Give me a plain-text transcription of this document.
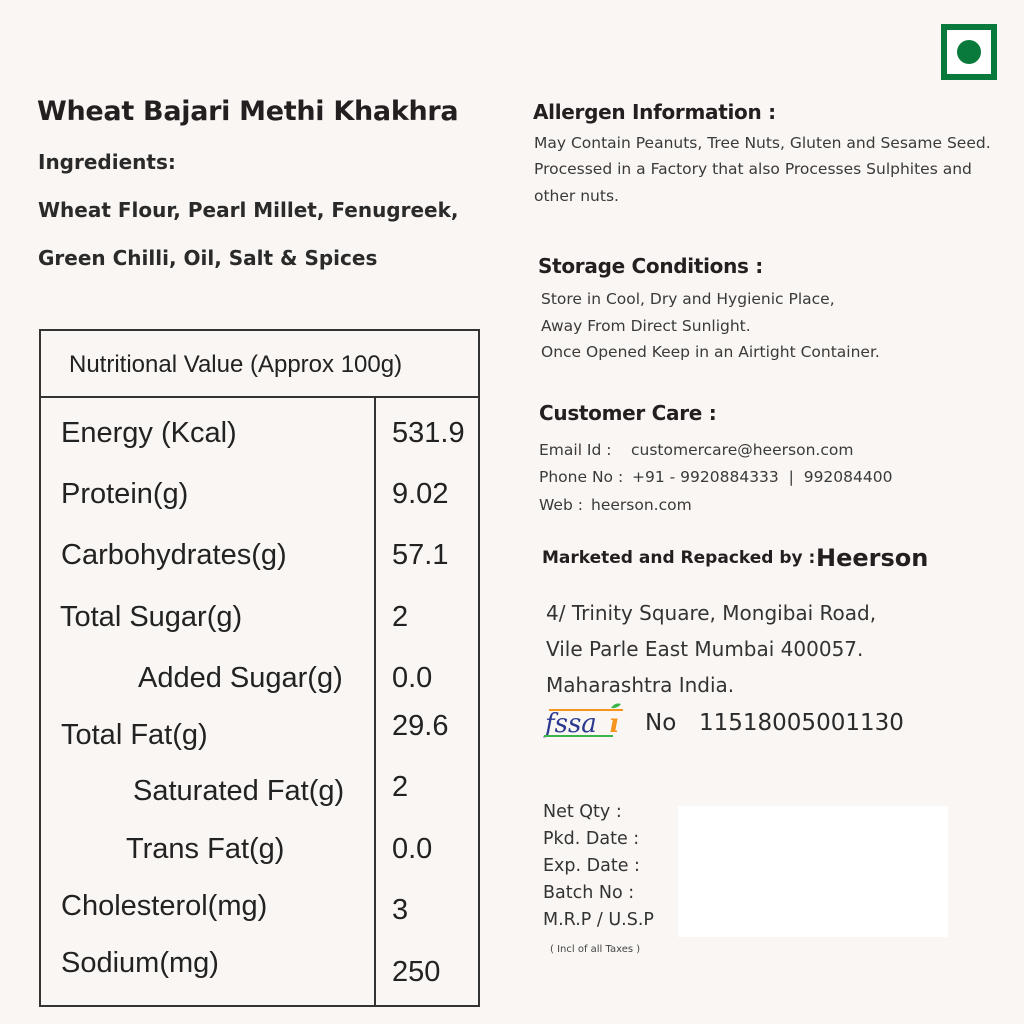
Wheat Bajari Methi Khakhra
Ingredients:
Wheat Flour, Pearl Millet, Fenugreek,
Green Chilli, Oil, Salt & Spices
Nutritional Value (Approx 100g)
Energy (Kcal)	531.9
Protein(g)	9.02
Carbohydrates(g)	57.1
Total Sugar(g)	2
Added Sugar(g) 0.0
Total Fat(g)	29.6
Saturated Fat(g) 2
Trans Fat(g)	0.0
Cholesterol(mg)	3
Sodium(mg)	250
Allergen Information :
May Contain Peanuts, Tree Nuts, Gluten and Sesame Seed.
Processed in a Factory that also Processes Sulphites and
other nuts.
Storage Conditions :
Store in Cool, Dry and Hygienic Place,
Away From Direct Sunlight.
Once Opened Keep in an Airtight Container.
Customer Care :
Email Id : customercare@heerson.com
Phone No : +91 - 9920884333  |  992084400
Web : heerson.com
Marketed and Repacked by : Heerson
4/ Trinity Square, Mongibai Road,
Vile Parle East Mumbai 400057.
Maharashtra India.
fssa ı No 11518005001130
Net Qty :
Pkd. Date :
Exp. Date :
Batch No :
M.R.P / U.S.P
( Incl of all Taxes )
